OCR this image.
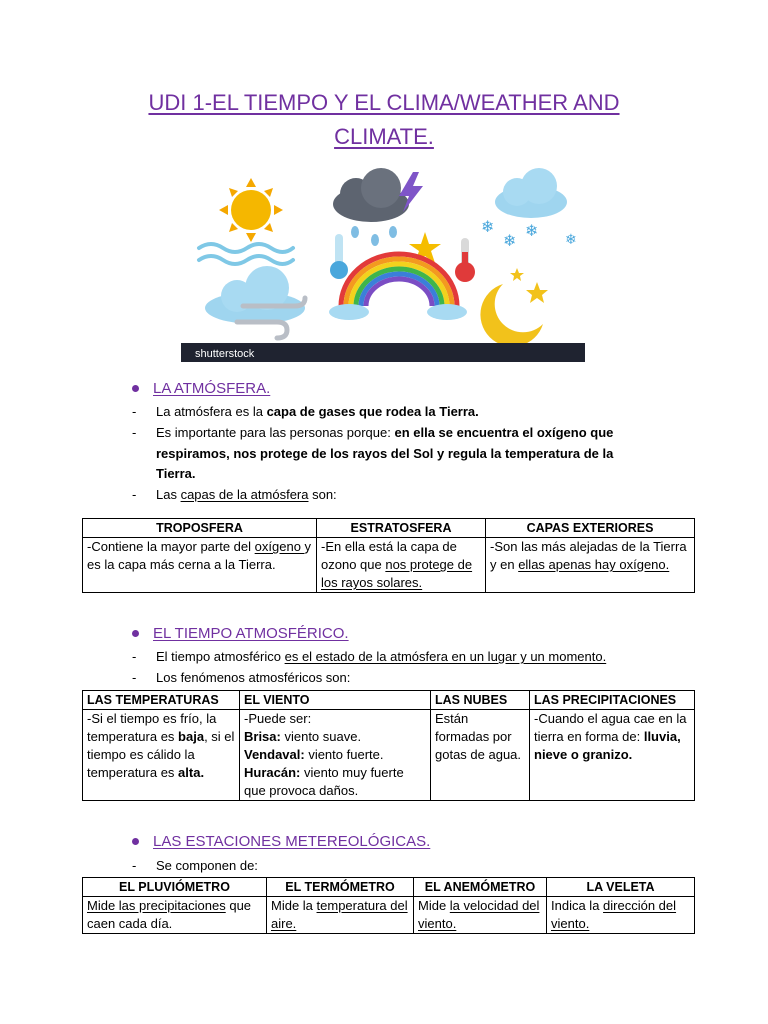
UDI 1-EL TIEMPO Y EL CLIMA/WEATHER AND
CLIMATE.
❄
❄
❄ ❄
shutterstock
LA ATMÓSFERA.
- La atmósfera es la capa de gases que rodea la Tierra.
- Es importante para las personas porque: en ella se encuentra el oxígeno que respiramos, nos protege de los rayos del Sol y regula la temperatura de la Tierra.
- Las capas de la atmósfera son:
TROPOSFERA	ESTRATOSFERA	CAPAS EXTERIORES
-Contiene la mayor parte del oxígeno y es la capa más cerna a la Tierra.	-En ella está la capa de ozono que nos protege de los rayos solares.	-Son las más alejadas de la Tierra y en ellas apenas hay oxígeno.
EL TIEMPO ATMOSFÉRICO.
- El tiempo atmosférico es el estado de la atmósfera en un lugar y un momento.
- Los fenómenos atmosféricos son:
LAS TEMPERATURAS	EL VIENTO	LAS NUBES	LAS PRECIPITACIONES
-Si el tiempo es frío, la temperatura es baja, si el tiempo es cálido la temperatura es alta.	-Puede ser:
Brisa: viento suave.
Vendaval: viento fuerte.
Huracán: viento muy fuerte que provoca daños.	Están formadas por gotas de agua.	-Cuando el agua cae en la tierra en forma de: lluvia, nieve o granizo.
LAS ESTACIONES METEREOLÓGICAS.
- Se componen de:
EL PLUVIÓMETRO	EL TERMÓMETRO	EL ANEMÓMETRO	LA VELETA
Mide las precipitaciones que caen cada día.	Mide la temperatura del aire.	Mide la velocidad del viento.	Indica la dirección del viento.
